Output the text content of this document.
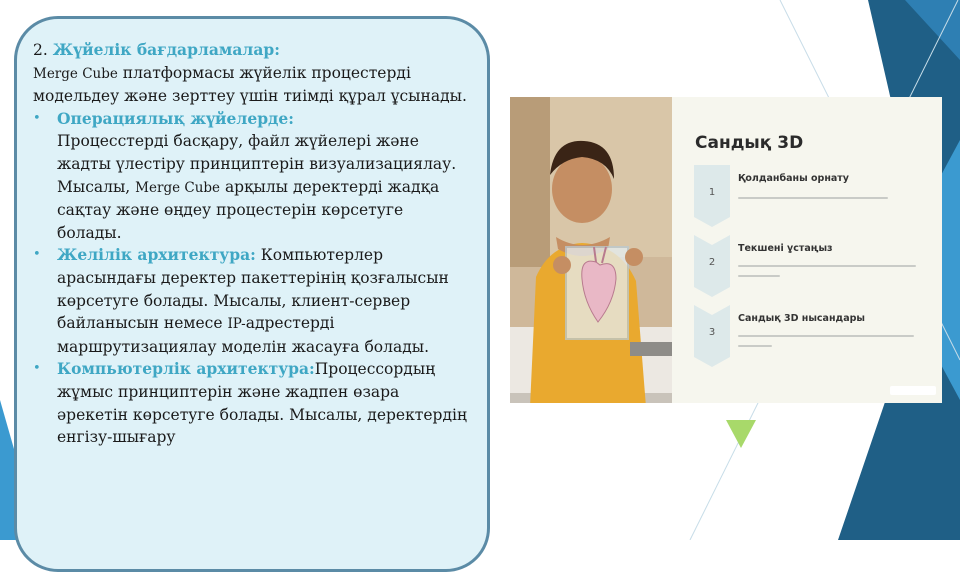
2. Жүйелік бағдарламалар:

Merge Cube платформасы жүйелік процестерді модельдеу және зерттеу үшін тиімді құрал ұсынады.

• Операциялық жүйелерде:
Процесстерді басқару, файл жүйелері және жадты үлестіру принциптерін визуализациялау. Мысалы, Merge Cube арқылы деректерді жадқа сақтау және өңдеу процестерін көрсетуге болады.
• Желілік архитектура: Компьютерлер арасындағы деректер пакеттерінің қозғалысын көрсетуге болады. Мысалы, клиент-сервер байланысын немесе IP-адрестерді маршрутизациялау моделін жасауға болады.
• Компьютерлік архитектура:Процессордың жұмыс принциптерін және жадпен өзара әрекетін көрсетуге болады. Мысалы, деректердің енгізу-шығару
Сандық 3D
1
Қолданбаны орнату
2
Текшені ұстаңыз
3
Сандық 3D нысандары
